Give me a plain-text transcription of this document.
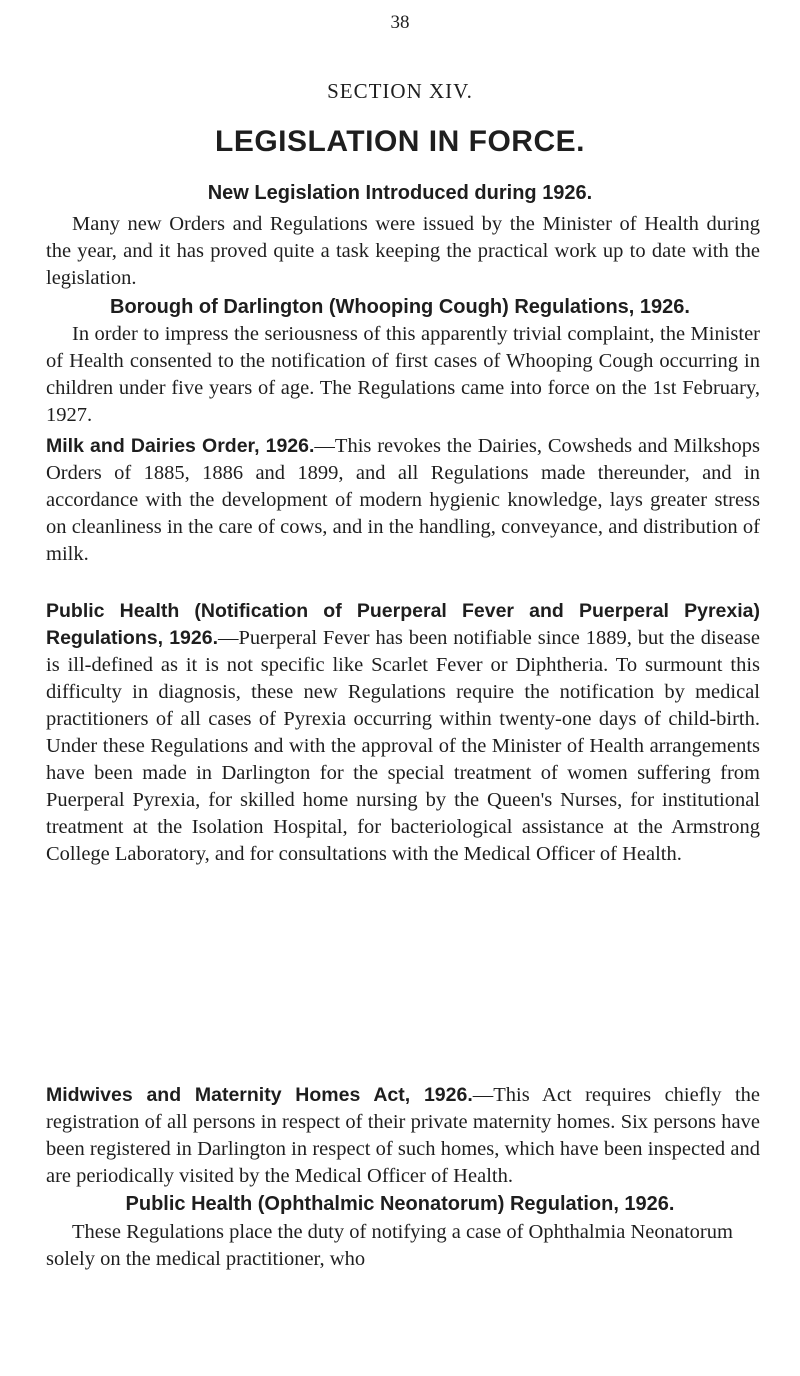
38
SECTION XIV.
LEGISLATION IN FORCE.
New Legislation Introduced during 1926.

Many new Orders and Regulations were issued by the Minister of Health during the year, and it has proved quite a task keeping the practical work up to date with the legislation.

Borough of Darlington (Whooping Cough) Regulations, 1926.

In order to impress the seriousness of this apparently trivial complaint, the Minister of Health consented to the notification of first cases of Whooping Cough occurring in children under five years of age. The Regulations came into force on the 1st February, 1927.

Milk and Dairies Order, 1926.—This revokes the Dairies, Cowsheds and Milkshops Orders of 1885, 1886 and 1899, and all Regulations made thereunder, and in accordance with the development of modern hygienic knowledge, lays greater stress on cleanliness in the care of cows, and in the handling, conveyance, and distribution of milk.

Public Health (Notification of Puerperal Fever and Puerperal Pyrexia) Regulations, 1926.—Puerperal Fever has been notifiable since 1889, but the disease is ill-defined as it is not specific like Scarlet Fever or Diphtheria. To surmount this difficulty in diagnosis, these new Regulations require the notification by medical practitioners of all cases of Pyrexia occurring within twenty-one days of child-birth. Under these Regulations and with the approval of the Minister of Health arrangements have been made in Darlington for the special treatment of women suffering from Puerperal Pyrexia, for skilled home nursing by the Queen's Nurses, for institutional treatment at the Isolation Hospital, for bacteriological assistance at the Armstrong College Laboratory, and for consultations with the Medical Officer of Health.

Midwives and Maternity Homes Act, 1926.—This Act requires chiefly the registration of all persons in respect of their private maternity homes. Six persons have been registered in Darlington in respect of such homes, which have been inspected and are periodically visited by the Medical Officer of Health.

Public Health (Ophthalmic Neonatorum) Regulation, 1926.

These Regulations place the duty of notifying a case of Ophthalmia Neonatorum solely on the medical practitioner, who
